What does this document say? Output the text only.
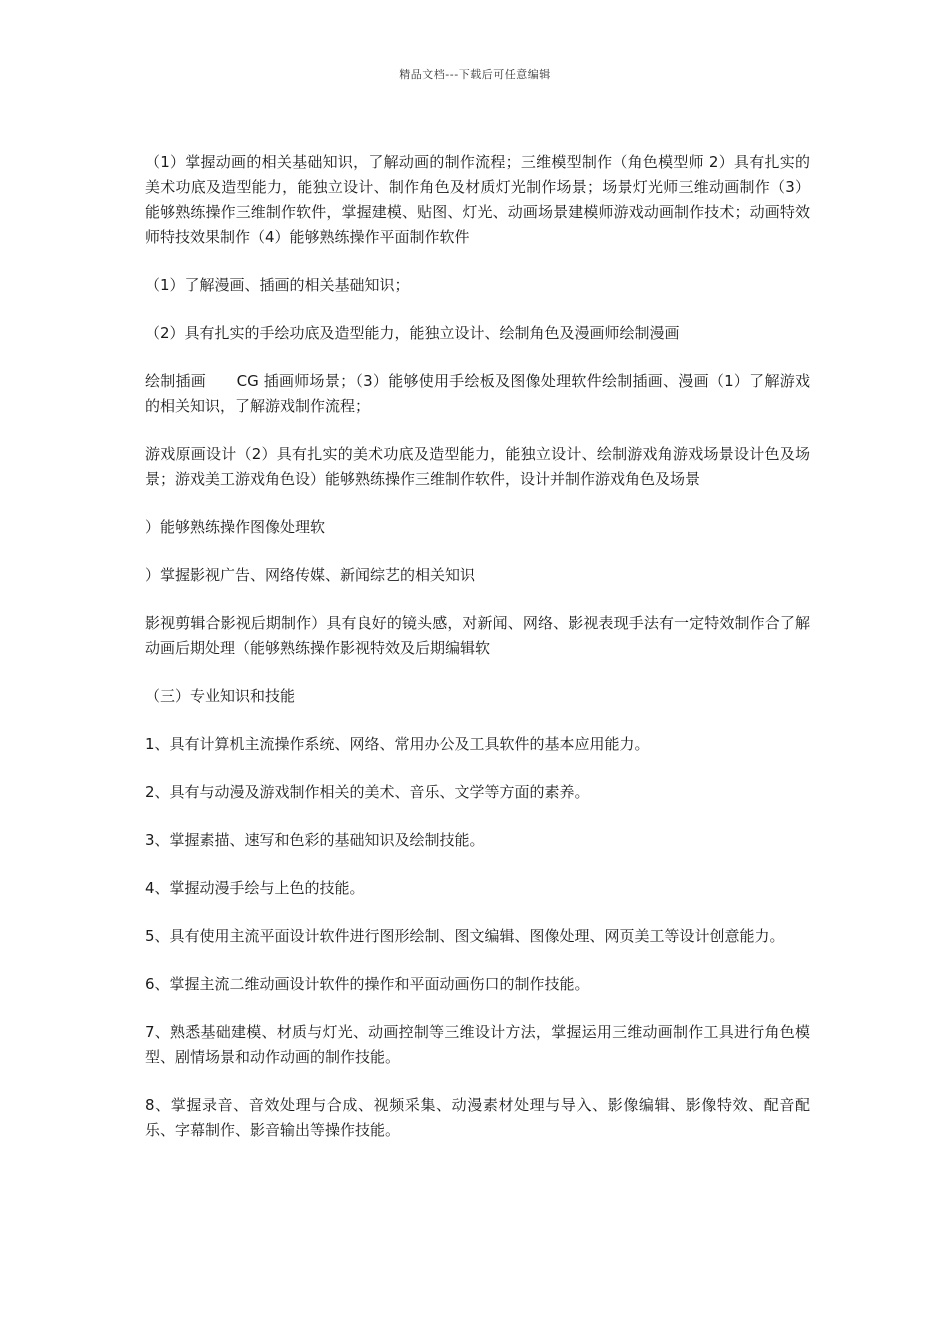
精品文档---下载后可任意编辑

（1）掌握动画的相关基础知识，了解动画的制作流程；三维模型制作（角色模型师 2）具有扎实的美术功底及造型能力，能独立设计、制作角色及材质灯光制作场景；场景灯光师三维动画制作（3）能够熟练操作三维制作软件，掌握建模、贴图、灯光、动画场景建模师游戏动画制作技术；动画特效师特技效果制作（4）能够熟练操作平面制作软件

（1）了解漫画、插画的相关基础知识；

（2）具有扎实的手绘功底及造型能力，能独立设计、绘制角色及漫画师绘制漫画

绘制插画　　CG 插画师场景；（3）能够使用手绘板及图像处理软件绘制插画、漫画（1）了解游戏的相关知识，了解游戏制作流程；

游戏原画设计（2）具有扎实的美术功底及造型能力，能独立设计、绘制游戏角游戏场景设计色及场景；游戏美工游戏角色设）能够熟练操作三维制作软件，设计并制作游戏角色及场景

）能够熟练操作图像处理软

）掌握影视广告、网络传媒、新闻综艺的相关知识

影视剪辑合影视后期制作）具有良好的镜头感，对新闻、网络、影视表现手法有一定特效制作合了解动画后期处理（能够熟练操作影视特效及后期编辑软

（三）专业知识和技能

1、具有计算机主流操作系统、网络、常用办公及工具软件的基本应用能力。

2、具有与动漫及游戏制作相关的美术、音乐、文学等方面的素养。

3、掌握素描、速写和色彩的基础知识及绘制技能。

4、掌握动漫手绘与上色的技能。

5、具有使用主流平面设计软件进行图形绘制、图文编辑、图像处理、网页美工等设计创意能力。

6、掌握主流二维动画设计软件的操作和平面动画伤口的制作技能。

7、熟悉基础建模、材质与灯光、动画控制等三维设计方法，掌握运用三维动画制作工具进行角色模型、剧情场景和动作动画的制作技能。

8、掌握录音、音效处理与合成、视频采集、动漫素材处理与导入、影像编辑、影像特效、配音配乐、字幕制作、影音输出等操作技能。
